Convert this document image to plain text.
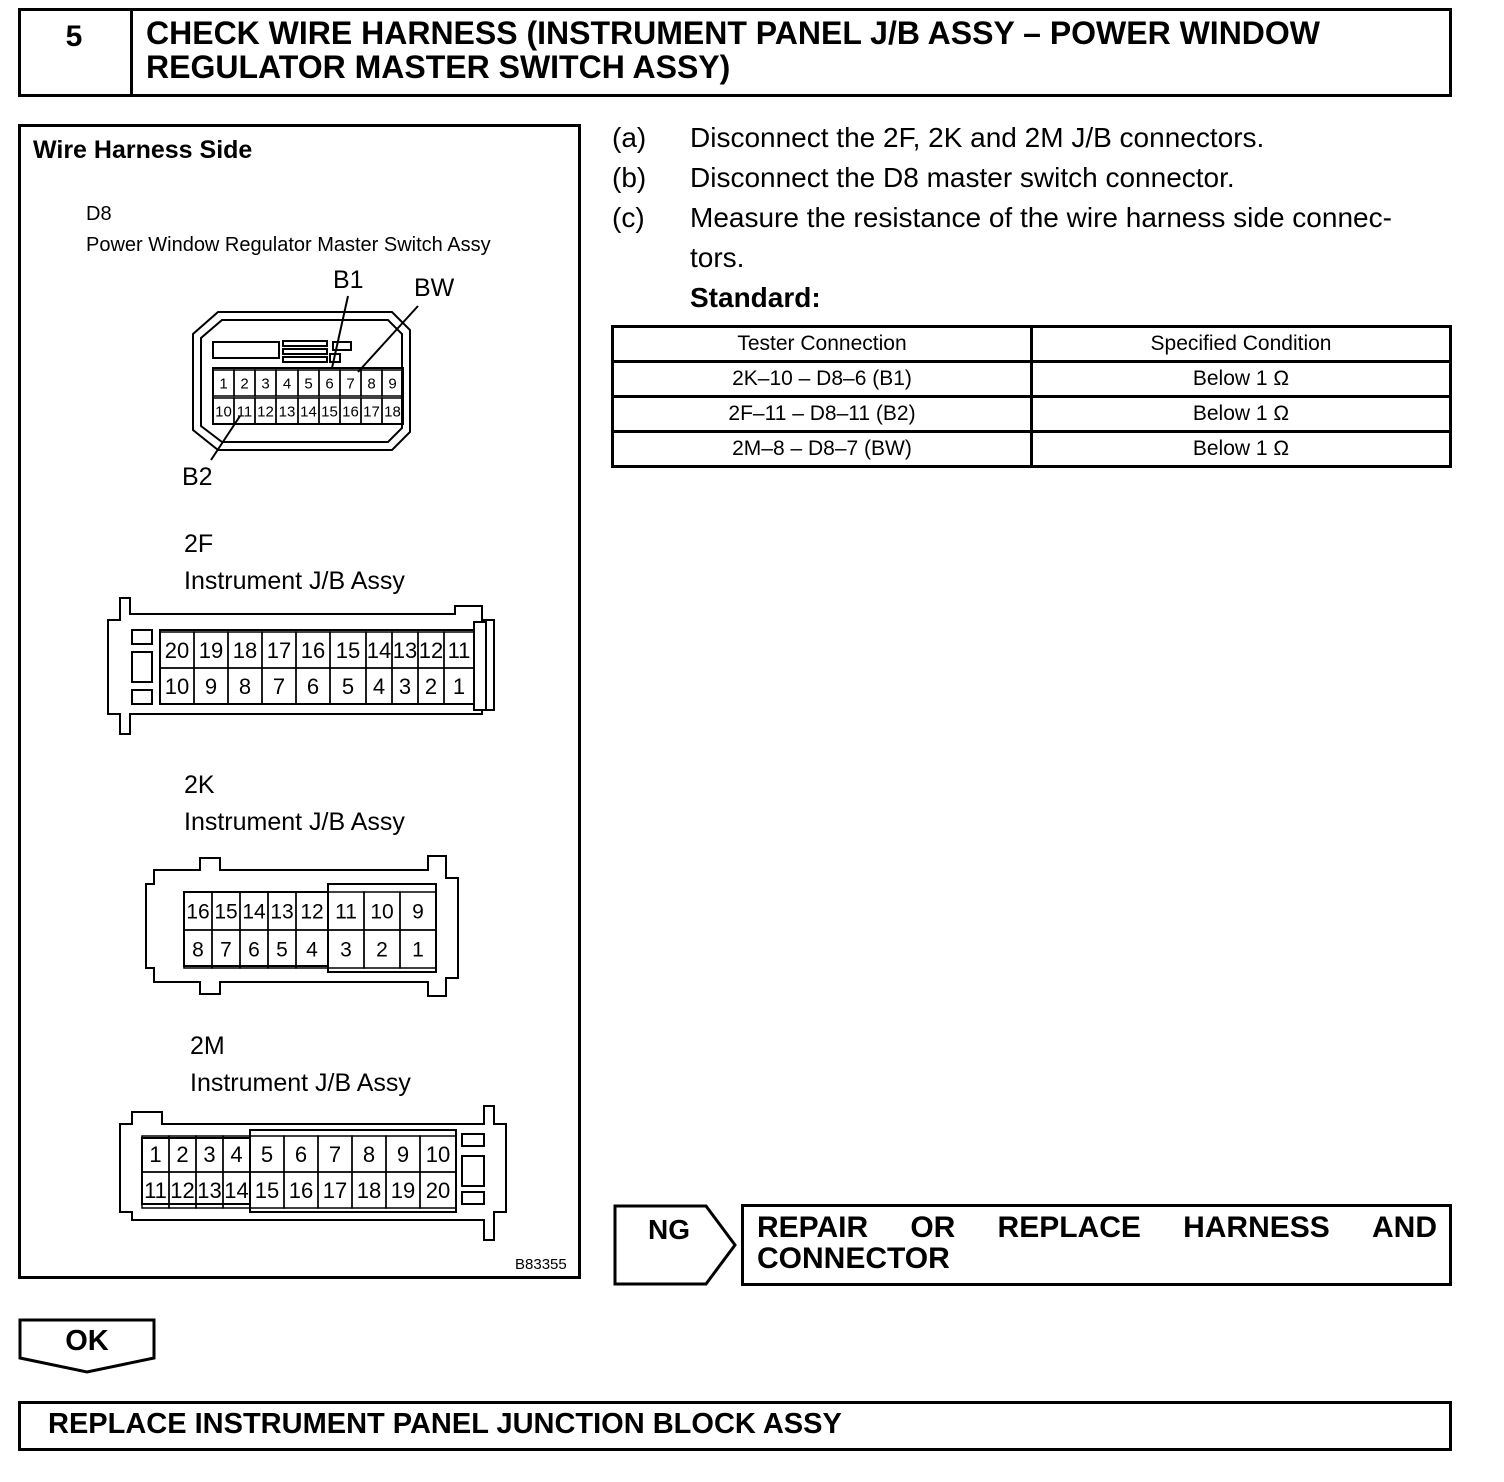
5	CHECK WIRE HARNESS (INSTRUMENT PANEL J/B ASSY – POWER WINDOW
REGULATOR MASTER SWITCH ASSY)
1 2 3 4 5 6 7 8 9
10 11 12 13 14 15 16 17 18
20 19 18 17 16 15 14 13 12 11
10 9 8 7 6 5 4 3 2 1
16 15 14 13 12 11 10 9
8 7 6 5 4 3 2 1
1 2 3 4 5 6 7 8 9 10
11 12 13 14 15 16 17 18 19 20
Wire Harness Side
D8
Power Window Regulator Master Switch Assy
B1 BW
B2
2F
Instrument J/B Assy
2K
Instrument J/B Assy
2M
Instrument J/B Assy
B83355
(a) Disconnect the 2F, 2K and 2M J/B connectors.
(b) Disconnect the D8 master switch connector.
(c) Measure the resistance of the wire harness side connec-
tors.
Standard:
Tester Connection	Specified Condition
2K–10 – D8–6 (B1)	Below 1 Ω
2F–11 – D8–11 (B2)	Below 1 Ω
2M–8 – D8–7 (BW)	Below 1 Ω
NG REPAIR OR REPLACE HARNESS AND
CONNECTOR
OK
REPLACE INSTRUMENT PANEL JUNCTION BLOCK ASSY
